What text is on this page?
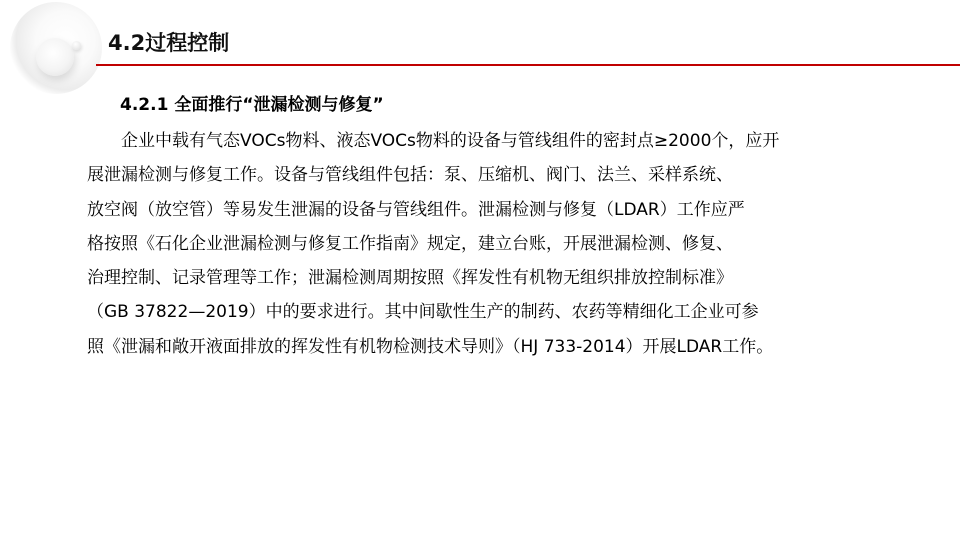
4.2过程控制
4.2.1 全面推行“泄漏检测与修复”

企业中载有气态VOCs物料、液态VOCs物料的设备与管线组件的密封点≥2000个，应开
展泄漏检测与修复工作。设备与管线组件包括：泵、压缩机、阀门、法兰、采样系统、
放空阀（放空管）等易发生泄漏的设备与管线组件。泄漏检测与修复（LDAR）工作应严
格按照《石化企业泄漏检测与修复工作指南》规定，建立台账，开展泄漏检测、修复、
治理控制、记录管理等工作；泄漏检测周期按照《挥发性有机物无组织排放控制标准》
（GB 37822—2019）中的要求进行。其中间歇性生产的制药、农药等精细化工企业可参
照《泄漏和敞开液面排放的挥发性有机物检测技术导则》（HJ 733-2014）开展LDAR工作。
